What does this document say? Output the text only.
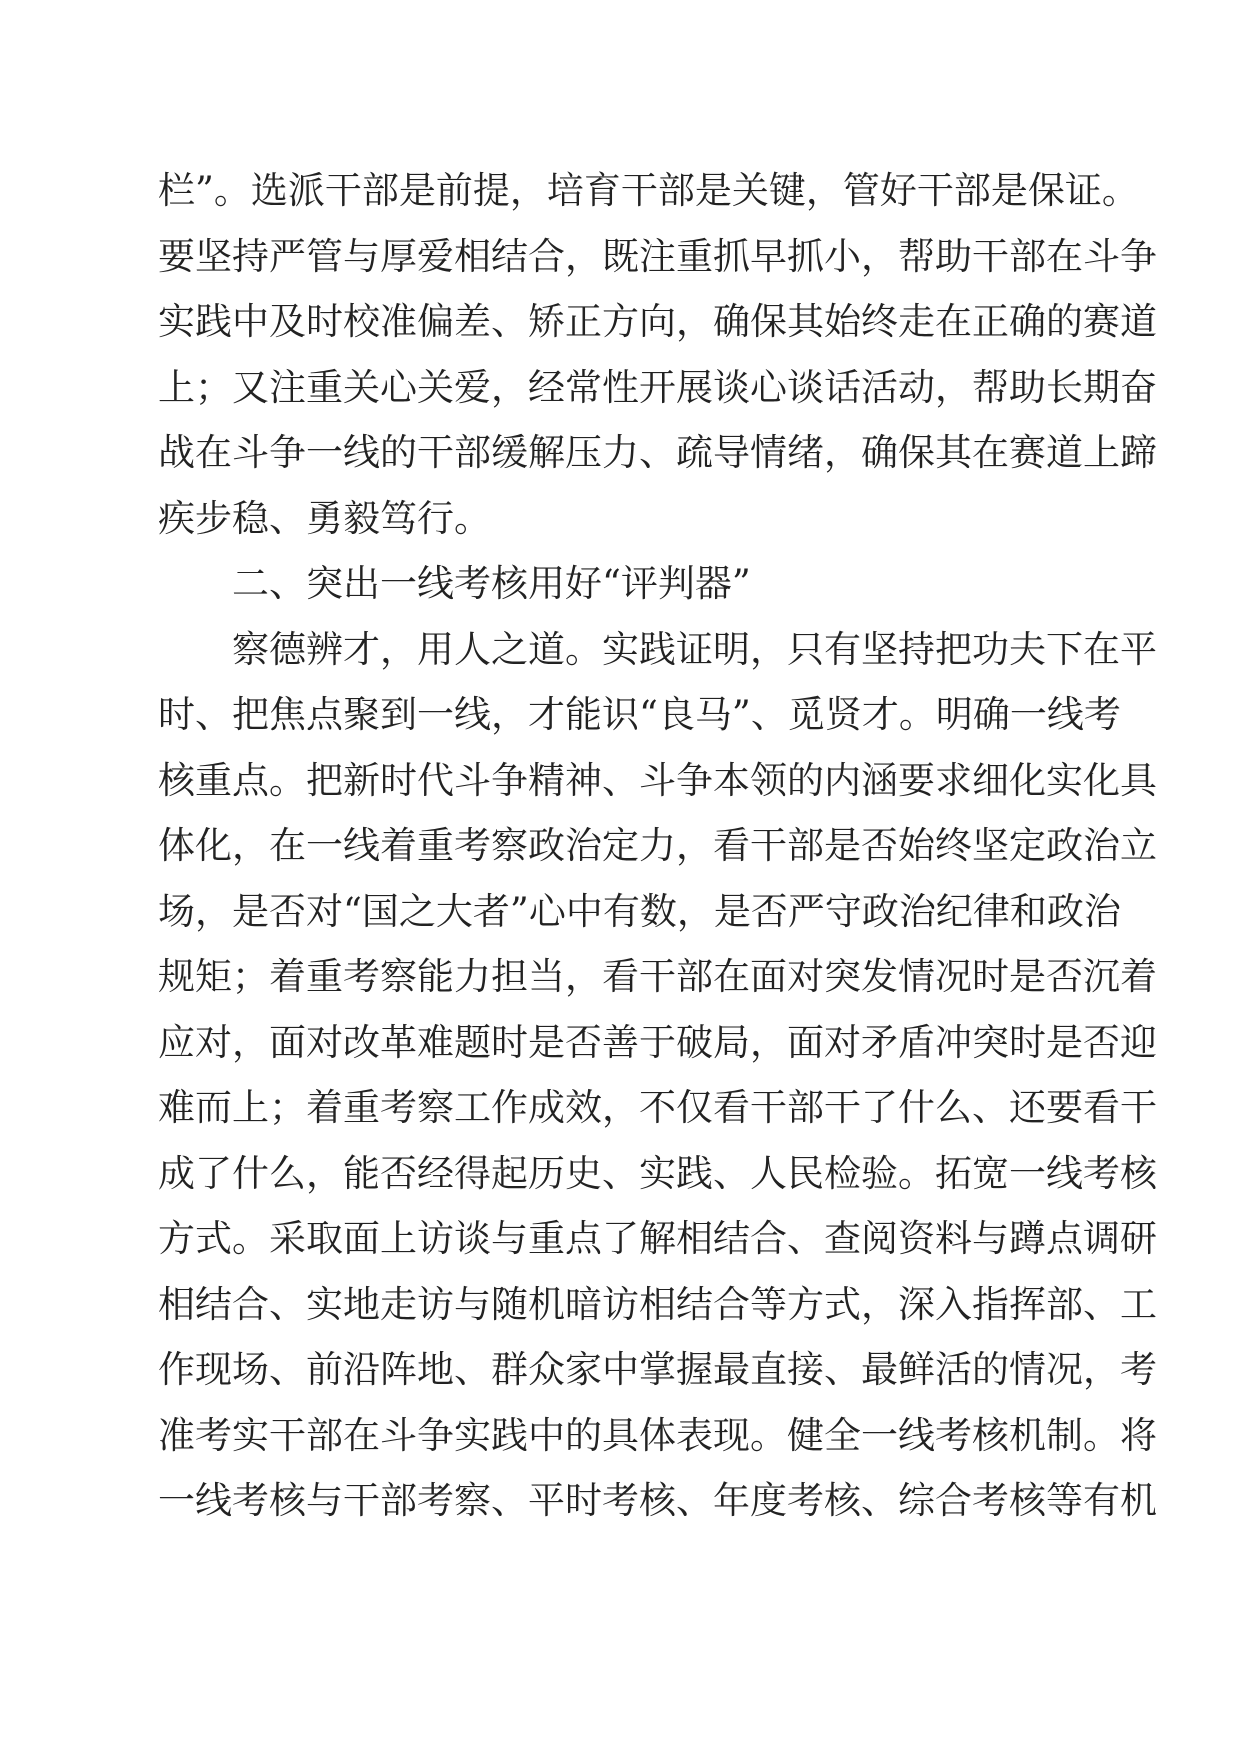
栏”。选派干部是前提，培育干部是关键，管好干部是保证。
要坚持严管与厚爱相结合，既注重抓早抓小，帮助干部在斗争
实践中及时校准偏差、矫正方向，确保其始终走在正确的赛道
上；又注重关心关爱，经常性开展谈心谈话活动，帮助长期奋
战在斗争一线的干部缓解压力、疏导情绪，确保其在赛道上蹄
疾步稳、勇毅笃行。
二、突出一线考核用好“评判器”
察德辨才，用人之道。实践证明，只有坚持把功夫下在平
时、把焦点聚到一线，才能识“良马”、觅贤才。明确一线考
核重点。把新时代斗争精神、斗争本领的内涵要求细化实化具
体化，在一线着重考察政治定力，看干部是否始终坚定政治立
场，是否对“国之大者”心中有数，是否严守政治纪律和政治
规矩；着重考察能力担当，看干部在面对突发情况时是否沉着
应对，面对改革难题时是否善于破局，面对矛盾冲突时是否迎
难而上；着重考察工作成效，不仅看干部干了什么、还要看干
成了什么，能否经得起历史、实践、人民检验。拓宽一线考核
方式。采取面上访谈与重点了解相结合、查阅资料与蹲点调研
相结合、实地走访与随机暗访相结合等方式，深入指挥部、工
作现场、前沿阵地、群众家中掌握最直接、最鲜活的情况，考
准考实干部在斗争实践中的具体表现。健全一线考核机制。将
一线考核与干部考察、平时考核、年度考核、综合考核等有机
